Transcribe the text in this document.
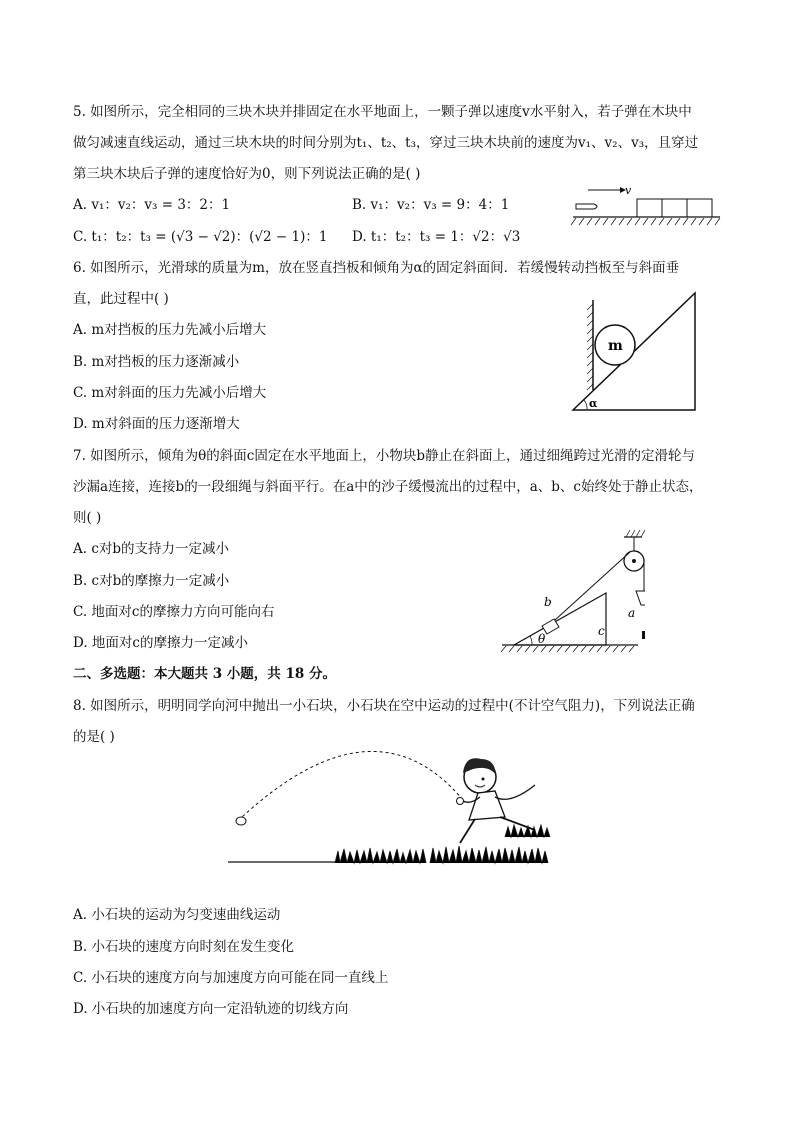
5. 如图所示，完全相同的三块木块并排固定在水平地面上，一颗子弹以速度v水平射入，若子弹在木块中
做匀减速直线运动，通过三块木块的时间分别为t₁、t₂、t₃，穿过三块木块前的速度为v₁、v₂、v₃，且穿过
第三块木块后子弹的速度恰好为0，则下列说法正确的是( )
A. v₁：v₂：v₃ = 3：2：1	B. v₁：v₂：v₃ = 9：4：1
C. t₁：t₂：t₃ = (√3 − √2)：(√2 − 1)：1 D. t₁：t₂：t₃ = 1：√2：√3
v
6. 如图所示，光滑球的质量为m，放在竖直挡板和倾角为α的固定斜面间．若缓慢转动挡板至与斜面垂
直，此过程中( )
A. m对挡板的压力先减小后增大
B. m对挡板的压力逐渐减小
C. m对斜面的压力先减小后增大
D. m对斜面的压力逐渐增大
m
α
7. 如图所示，倾角为θ的斜面c固定在水平地面上，小物块b静止在斜面上，通过细绳跨过光滑的定滑轮与
沙漏a连接，连接b的一段细绳与斜面平行。在a中的沙子缓慢流出的过程中，a、b、c始终处于静止状态，
则( )
A. c对b的支持力一定减小
B. c对b的摩擦力一定减小
C. 地面对c的摩擦力方向可能向右
D. 地面对c的摩擦力一定减小
b
a
c
θ
二、多选题：本大题共 3 小题，共 18 分。
8. 如图所示，明明同学向河中抛出一小石块，小石块在空中运动的过程中(不计空气阻力)，下列说法正确
的是( )
A. 小石块的运动为匀变速曲线运动
B. 小石块的速度方向时刻在发生变化
C. 小石块的速度方向与加速度方向可能在同一直线上
D. 小石块的加速度方向一定沿轨迹的切线方向
